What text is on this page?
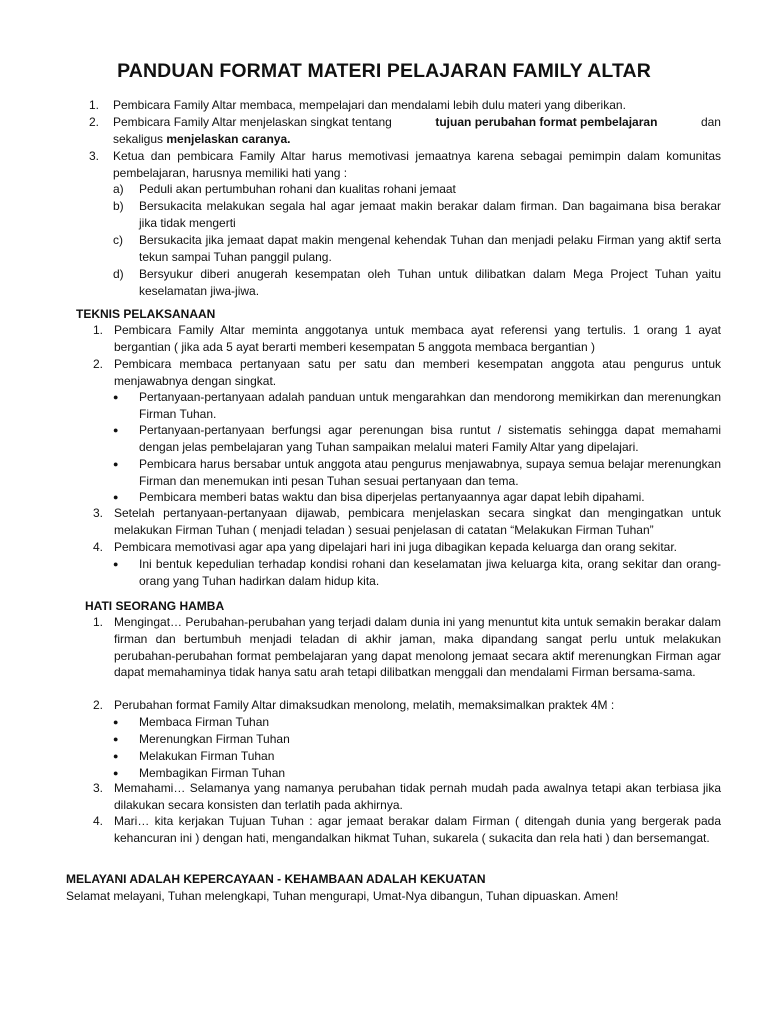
PANDUAN FORMAT MATERI PELAJARAN FAMILY ALTAR
1. Pembicara Family Altar membaca, mempelajari dan mendalami lebih dulu materi yang diberikan.
2. Pembicara Family Altar menjelaskan singkat tentang	tujuan perubahan format pembelajaran	dan
sekaligus menjelaskan caranya.
3. Ketua dan pembicara Family Altar harus memotivasi jemaatnya karena sebagai pemimpin dalam komunitas pembelajaran, harusnya memiliki hati yang :
a) Peduli akan pertumbuhan rohani dan kualitas rohani jemaat
b) Bersukacita melakukan segala hal agar jemaat makin berakar dalam firman. Dan bagaimana bisa berakar jika tidak mengerti
c) Bersukacita jika jemaat dapat makin mengenal kehendak Tuhan dan menjadi pelaku Firman yang aktif serta tekun sampai Tuhan panggil pulang.
d) Bersyukur diberi anugerah kesempatan oleh Tuhan untuk dilibatkan dalam Mega Project Tuhan yaitu keselamatan jiwa-jiwa.
TEKNIS PELAKSANAAN
1. Pembicara Family Altar meminta anggotanya untuk membaca ayat referensi yang tertulis. 1 orang 1 ayat bergantian ( jika ada 5 ayat berarti memberi kesempatan 5 anggota membaca bergantian )
2. Pembicara membaca pertanyaan satu per satu dan memberi kesempatan anggota atau pengurus untuk menjawabnya dengan singkat.
● Pertanyaan-pertanyaan adalah panduan untuk mengarahkan dan mendorong memikirkan dan merenungkan Firman Tuhan.
● Pertanyaan-pertanyaan berfungsi agar perenungan bisa runtut / sistematis sehingga dapat memahami dengan jelas pembelajaran yang Tuhan sampaikan melalui materi Family Altar yang dipelajari.
● Pembicara harus bersabar untuk anggota atau pengurus menjawabnya, supaya semua belajar merenungkan Firman dan menemukan inti pesan Tuhan sesuai pertanyaan dan tema.
● Pembicara memberi batas waktu dan bisa diperjelas pertanyaannya agar dapat lebih dipahami.
3. Setelah pertanyaan-pertanyaan dijawab, pembicara menjelaskan secara singkat dan mengingatkan untuk melakukan Firman Tuhan ( menjadi teladan ) sesuai penjelasan di catatan “Melakukan Firman Tuhan”
4. Pembicara memotivasi agar apa yang dipelajari hari ini juga dibagikan kepada keluarga dan orang sekitar.
● Ini bentuk kepedulian terhadap kondisi rohani dan keselamatan jiwa keluarga kita, orang sekitar dan orang-orang yang Tuhan hadirkan dalam hidup kita.
HATI SEORANG HAMBA
1. Mengingat… Perubahan-perubahan yang terjadi dalam dunia ini yang menuntut kita untuk semakin berakar dalam firman dan bertumbuh menjadi teladan di akhir jaman, maka dipandang sangat perlu untuk melakukan perubahan-perubahan format pembelajaran yang dapat menolong jemaat secara aktif merenungkan Firman agar dapat memahaminya tidak hanya satu arah tetapi dilibatkan menggali dan mendalami Firman bersama-sama.
2. Perubahan format Family Altar dimaksudkan menolong, melatih, memaksimalkan praktek 4M :
● Membaca Firman Tuhan
● Merenungkan Firman Tuhan
● Melakukan Firman Tuhan
● Membagikan Firman Tuhan
3. Memahami… Selamanya yang namanya perubahan tidak pernah mudah pada awalnya tetapi akan terbiasa jika dilakukan secara konsisten dan terlatih pada akhirnya.
4. Mari… kita kerjakan Tujuan Tuhan : agar jemaat berakar dalam Firman ( ditengah dunia yang bergerak pada kehancuran ini ) dengan hati, mengandalkan hikmat Tuhan, sukarela ( sukacita dan rela hati ) dan bersemangat.
MELAYANI ADALAH KEPERCAYAAN - KEHAMBAAN ADALAH KEKUATAN
Selamat melayani, Tuhan melengkapi, Tuhan mengurapi, Umat-Nya dibangun, Tuhan dipuaskan. Amen!
